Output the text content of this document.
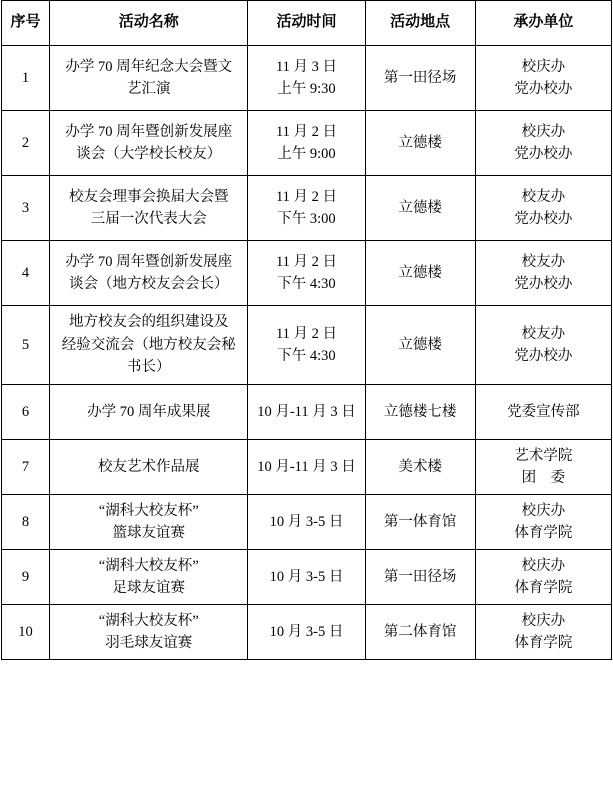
序号	活动名称	活动时间	活动地点	承办单位
1	办学 70 周年纪念大会暨文
艺汇演	11 月 3 日
上午 9:30	第一田径场	校庆办
党办校办

2	办学 70 周年暨创新发展座
谈会（大学校长校友）	11 月 2 日
上午 9:00	立德楼	校庆办
党办校办

3	校友会理事会换届大会暨
三届一次代表大会	11 月 2 日
下午 3:00	立德楼	校友办
党办校办

4	办学 70 周年暨创新发展座
谈会（地方校友会会长）	11 月 2 日
下午 4:30	立德楼	校友办
党办校办

5	地方校友会的组织建设及
经验交流会（地方校友会秘
书长）	11 月 2 日
下午 4:30	立德楼	校友办
党办校办

6	办学 70 周年成果展	10 月-11 月 3 日	立德楼七楼	党委宣传部

7	校友艺术作品展	10 月-11 月 3 日	美术楼	艺术学院
团　委

8	“湖科大校友杯”
篮球友谊赛	10 月 3-5 日	第一体育馆	校庆办
体育学院

9	“湖科大校友杯”
足球友谊赛	10 月 3-5 日	第一田径场	校庆办
体育学院

10	“湖科大校友杯”
羽毛球友谊赛	10 月 3-5 日	第二体育馆	校庆办
体育学院
